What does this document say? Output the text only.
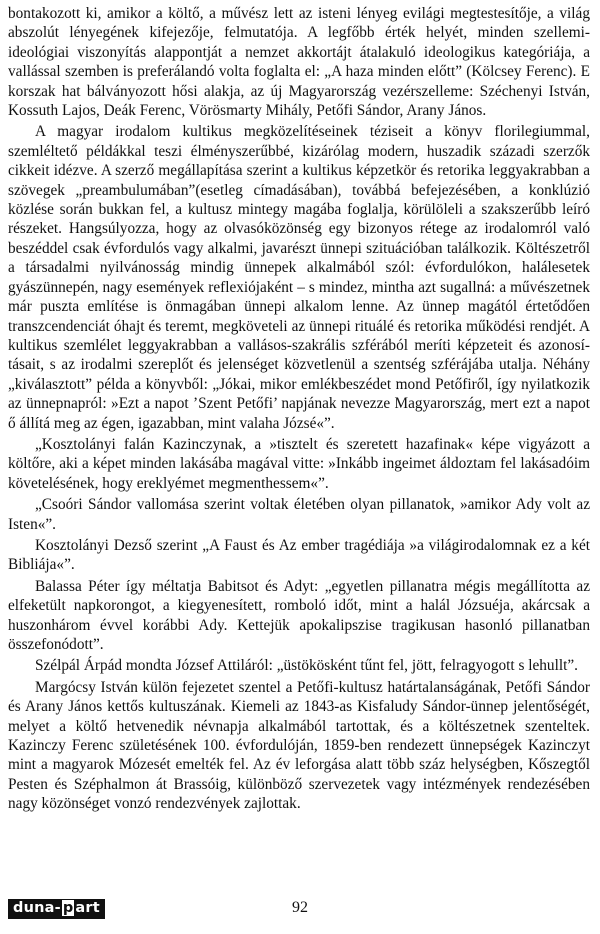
bontakozott ki, amikor a költő, a művész lett az isteni lényeg evilági megtestesítője, a világ abszolút lényegének kifejezője, felmutatója. A legfőbb érték helyét, minden szellemi-ideológiai viszonyítás alappontját a nemzet akkortájt átalakuló ideologikus kategóriája, a vallással szemben is preferálandó volta foglalta el: „A haza minden előtt” (Kölcsey Ferenc). E korszak hat bálványozott hősi alakja, az új Magyarország vezérszelleme: Széchenyi István, Kossuth Lajos, Deák Ferenc, Vörösmarty Mihály, Petőfi Sándor, Arany János.

A magyar irodalom kultikus megközelítéseinek téziseit a könyv florilegiummal, szemléltető példákkal teszi élményszerűbbé, kizárólag modern, huszadik századi szerzők cikkeit idézve. A szerző megállapítása szerint a kultikus képzetkör és retorika leggyakrabban a szövegek „preambulumában”(esetleg címadásában), továbbá befejezésében, a konklúzió közlése során bukkan fel, a kultusz mintegy magába foglalja, körülöleli a szakszerűbb leíró részeket. Hangsúlyozza, hogy az olvasóközönség egy bizonyos rétege az irodalomról való beszéddel csak évfordulós vagy alkalmi, javarészt ünnepi szituációban találkozik. Költészetről a társadalmi nyilvánosság mindig ünnepek alkalmából szól: évfordulókon, halálesetek gyászünnepén, nagy események reflexiójaként – s mindez, mintha azt sugallná: a művészetnek már puszta említése is önmagában ünnepi alkalom lenne. Az ünnep magától értetődően transzcendenciát óhajt és teremt, megköveteli az ünnepi rituálé és retorika működési rendjét. A kultikus szemlélet leggyakrabban a vallásos-szakrális szférából meríti képzeteit és azonosításait, s az irodalmi szereplőt és jelenséget közvetlenül a szentség szférájába utalja. Néhány „kiválasztott” példa a könyvből: „Jókai, mikor emlékbeszédet mond Petőfiről, így nyilatkozik az ünnepnapról: »Ezt a napot ’Szent Petőfi’ napjának nevezze Magyarország, mert ezt a napot ő állítá meg az égen, igazabban, mint valaha Józsé«”.

„Kosztolányi falán Kazinczynak, a »tisztelt és szeretett hazafinak« képe vigyázott a költőre, aki a képet minden lakásába magával vitte: »Inkább ingeimet áldoztam fel lakásadóim követelésének, hogy ereklyémet megmenthessem«”.

„Csoóri Sándor vallomása szerint voltak életében olyan pillanatok, »amikor Ady volt az Isten«”.

Kosztolányi Dezső szerint „A Faust és Az ember tragédiája »a világirodalomnak ez a két Bibliája«”.

Balassa Péter így méltatja Babitsot és Adyt: „egyetlen pillanatra mégis megállította az elfeketült napkorongot, a kiegyenesített, romboló időt, mint a halál Józsuéja, akárcsak a huszonhárom évvel korábbi Ady. Kettejük apokalipszise tragikusan hasonló pillanatban összefonódott”.

Szélpál Árpád mondta József Attiláról: „üstökösként tűnt fel, jött, felragyogott s lehullt”.

Margócsy István külön fejezetet szentel a Petőfi-kultusz határtalanságának, Petőfi Sándor és Arany János kettős kultuszának. Kiemeli az 1843-as Kisfaludy Sándor-ünnep jelentőségét, melyet a költő hetvenedik névnapja alkalmából tartottak, és a költészetnek szenteltek. Kazinczy Ferenc születésének 100. évfordulóján, 1859-ben rendezett ünnepségek Kazinczyt mint a magyarok Mózesét emelték fel. Az év leforgása alatt több száz helységben, Kőszegtől Pesten és Széphalmon át Brassóig, különböző szervezetek vagy intézmények rendezésében nagy közönséget vonzó rendezvények zajlottak.

duna- p art	92
